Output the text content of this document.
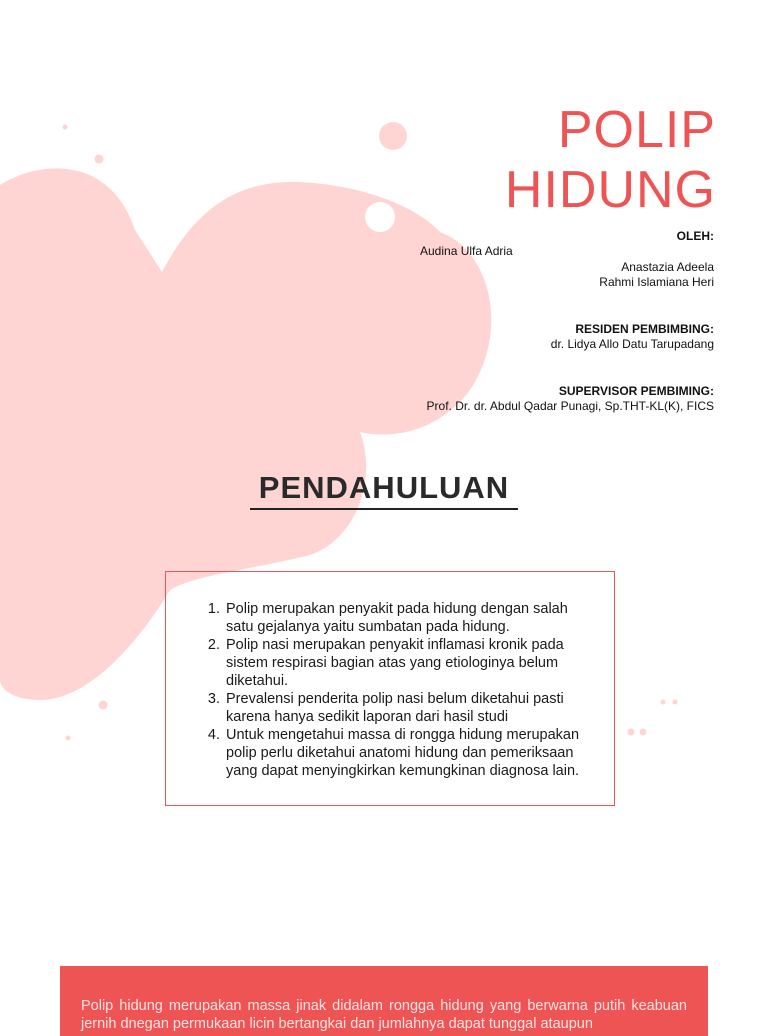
POLIP
HIDUNG
OLEH:
Audina Ulfa Adria
Anastazia Adeela
Rahmi Islamiana Heri
RESIDEN PEMBIMBING:
dr. Lidya Allo Datu Tarupadang
SUPERVISOR PEMBIMING:
Prof. Dr. dr. Abdul Qadar Punagi, Sp.THT-KL(K), FICS
PENDAHULUAN
1. Polip merupakan penyakit pada hidung dengan salah satu gejalanya yaitu sumbatan pada hidung.
2. Polip nasi merupakan penyakit inflamasi kronik pada sistem respirasi bagian atas yang etiologinya belum diketahui.
3. Prevalensi penderita polip nasi belum diketahui pasti karena hanya sedikit laporan dari hasil studi
4. Untuk mengetahui massa di rongga hidung merupakan polip perlu diketahui anatomi hidung dan pemeriksaan yang dapat menyingkirkan kemungkinan diagnosa lain.

Polip hidung merupakan massa jinak didalam rongga hidung yang berwarna putih keabuan jernih dnegan permukaan licin bertangkai dan jumlahnya dapat tunggal ataupun
